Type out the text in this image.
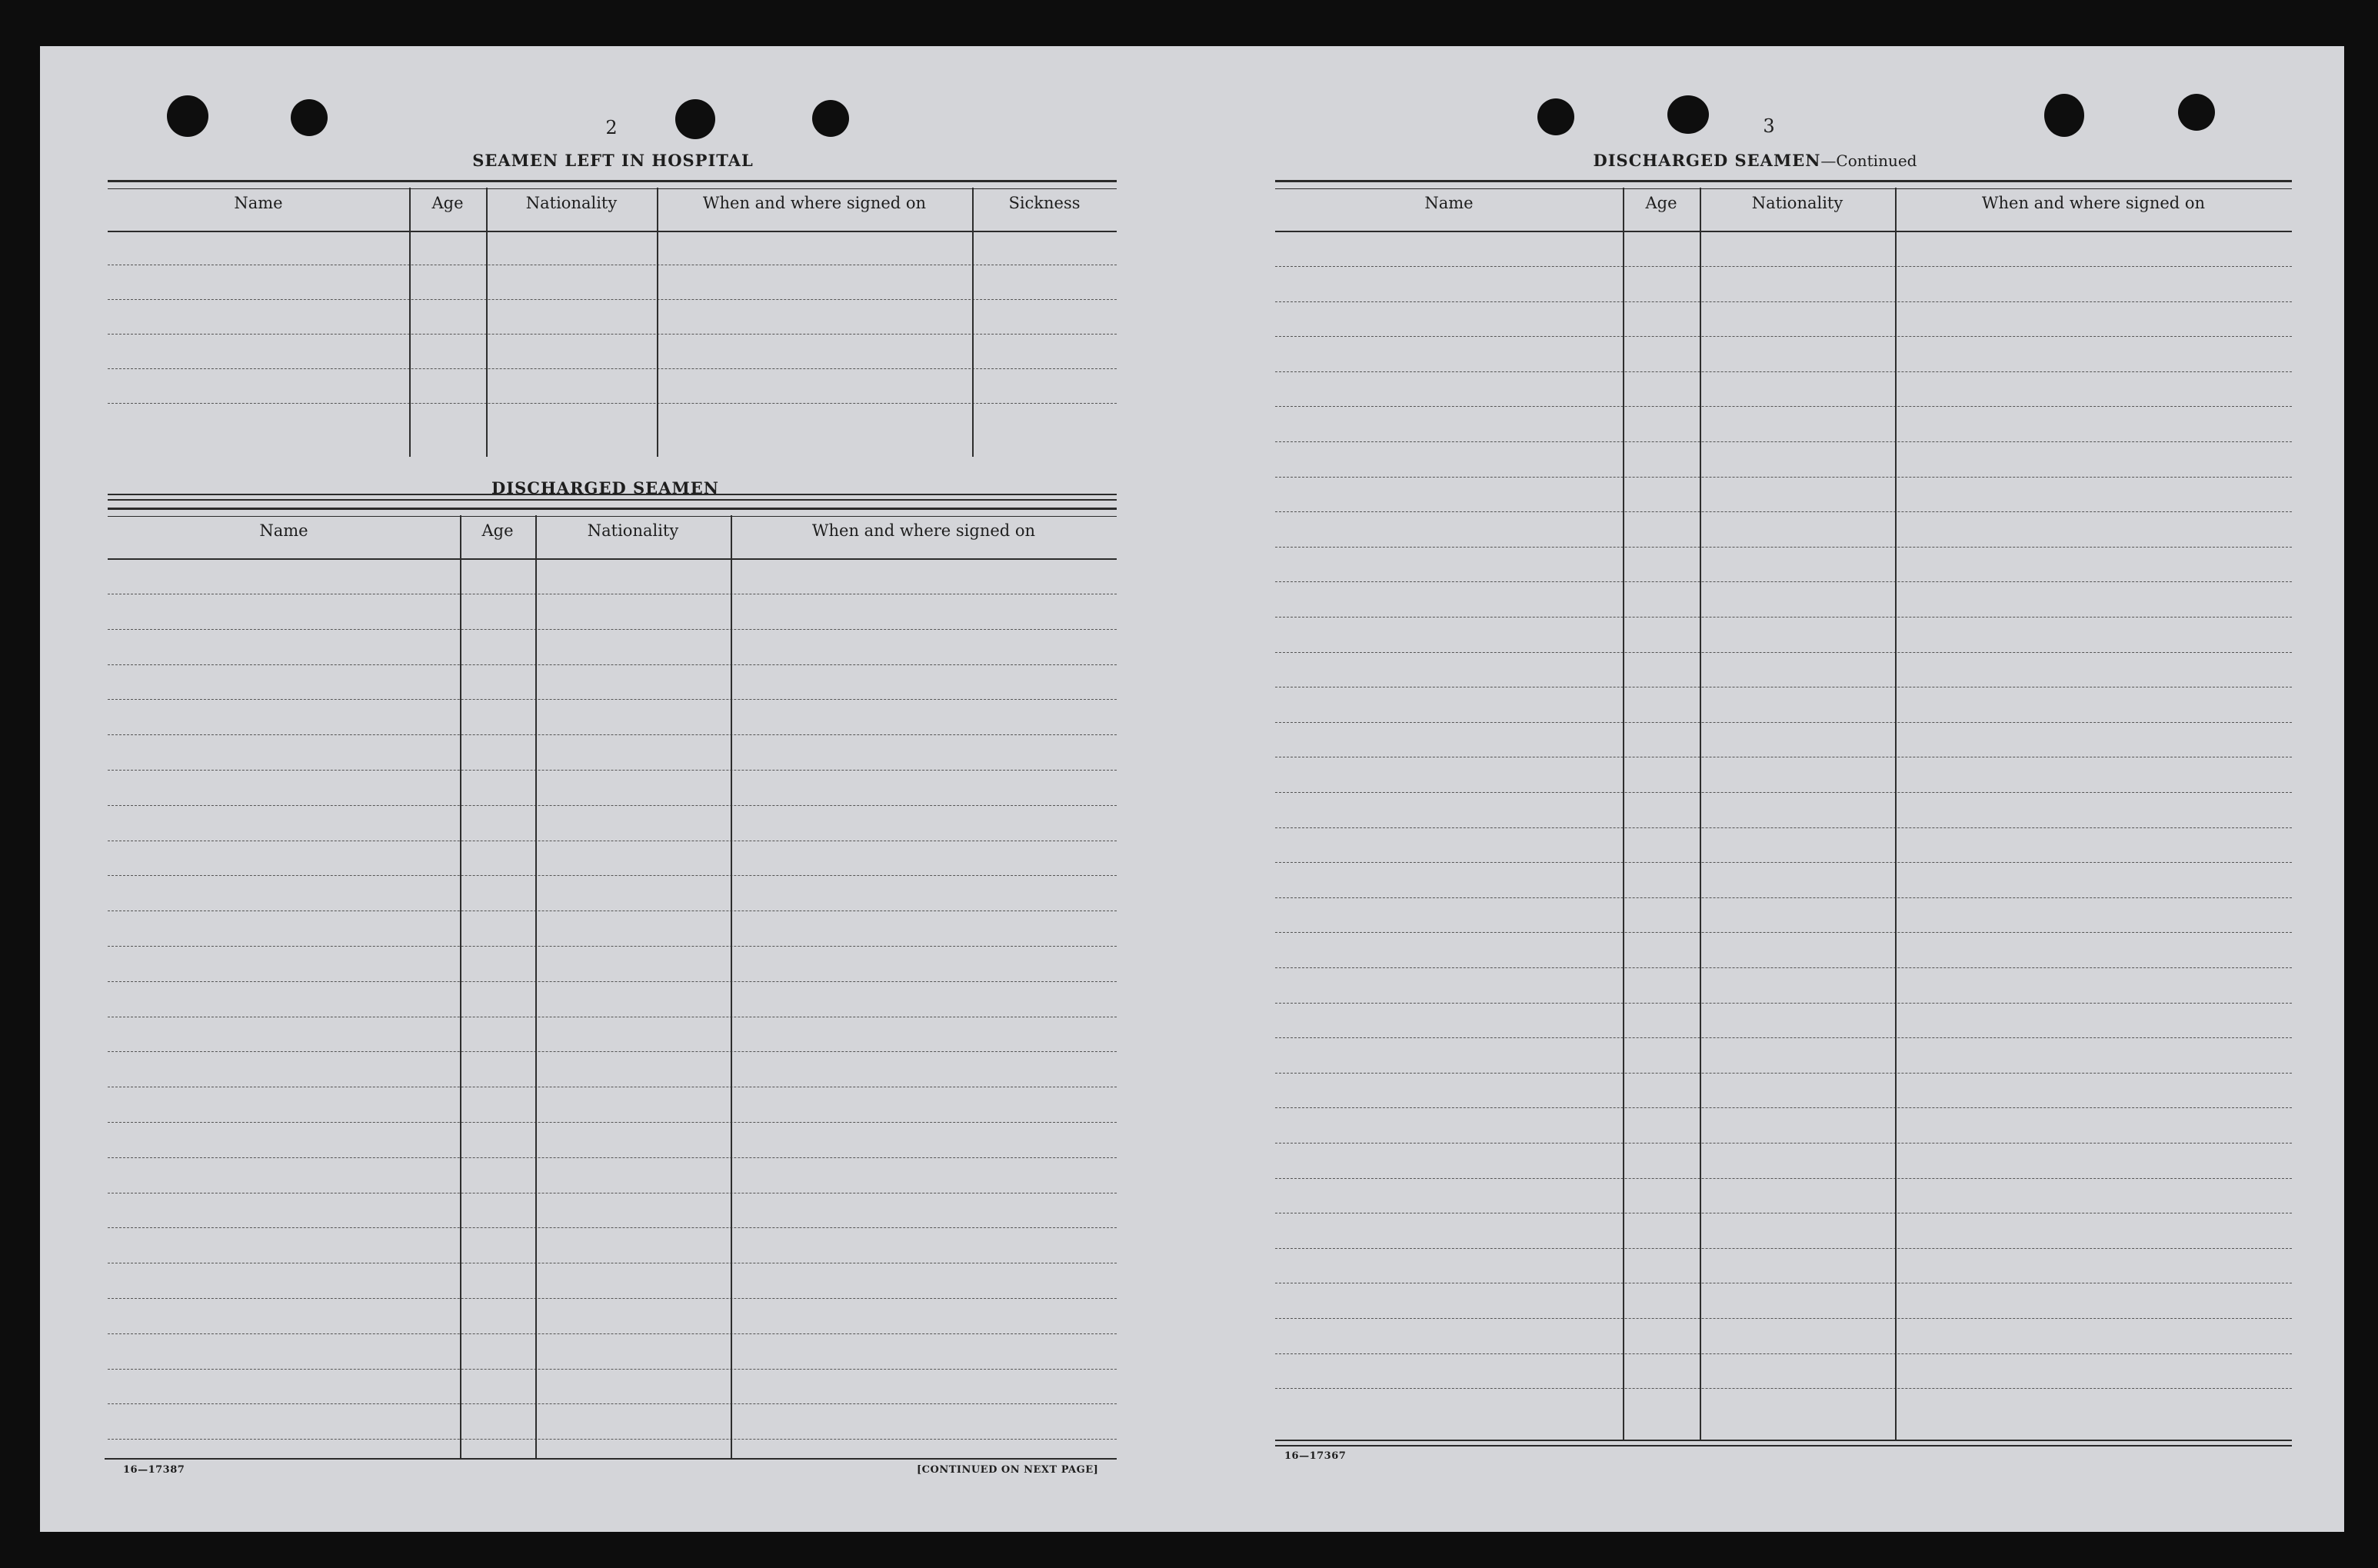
2
SEAMEN LEFT IN HOSPITAL
Name	Age	Nationality	When and where signed on	Sickness
DISCHARGED SEAMEN
Name	Age	Nationality	When and where signed on
16—17387	[CONTINUED ON NEXT PAGE]
3
DISCHARGED SEAMEN—Continued
Name	Age	Nationality	When and where signed on
16—17367
